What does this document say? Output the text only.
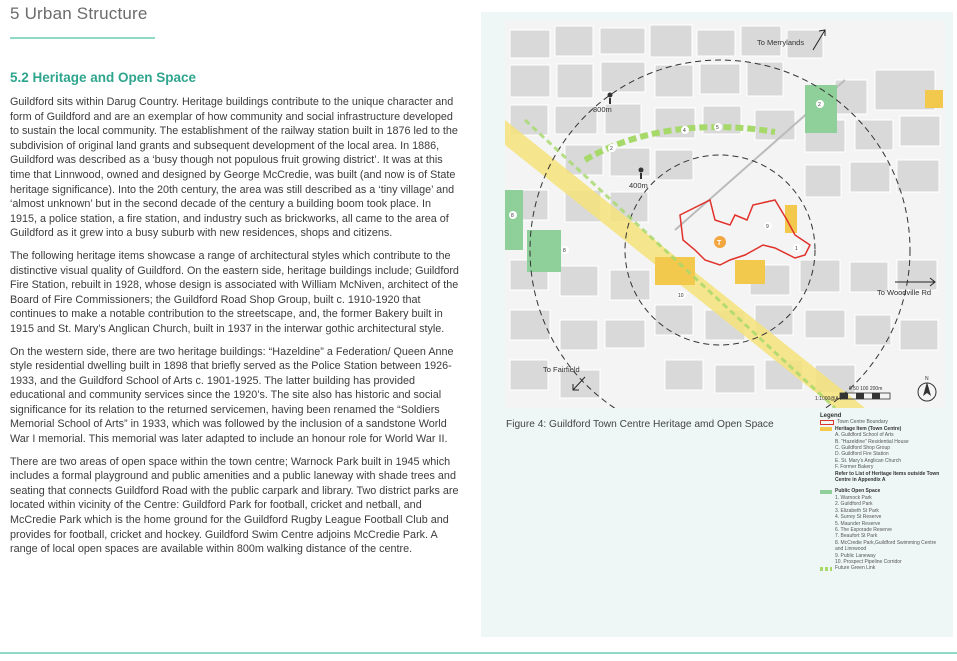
5 Urban Structure
5.2 Heritage and Open Space

Guildford sits within Darug Country. Heritage buildings contribute to the unique character and form of Guildford and are an exemplar of how community and social infrastructure developed to sustain the local community. The establishment of the railway station built in 1876 led to the subdivision of original land grants and subsequent development of the local area. In 1886, Guildford was described as a ‘busy though not populous fruit growing district’. It was at this time that Linnwood, owned and designed by George McCredie, was built (and now is of State heritage significance). Into the 20th century, the area was still described as a ‘tiny village’ and ‘almost unknown’ but in the second decade of the century a building boom took place. In 1915, a police station, a fire station, and industry such as brickworks, all came to the area of Guildford as it grew into a busy suburb with new residences, shops and citizens.

The following heritage items showcase a range of architectural styles which contribute to the distinctive visual quality of Guildford. On the eastern side, heritage buildings include; Guildford Fire Station, rebuilt in 1928, whose design is associated with William McNiven, architect of the Board of Fire Commissioners; the Guildford Road Shop Group, built c. 1910-1920 that continues to make a notable contribution to the streetscape, and, the former Bakery built in 1915 and St. Mary’s Anglican Church, built in 1937 in the interwar gothic architectural style.

On the western side, there are two heritage buildings: “Hazeldine” a Federation/ Queen Anne style residential dwelling built in 1898 that briefly served as the Police Station between 1926-1933, and the Guildford School of Arts c. 1901-1925. The latter building has provided educational and community services since the 1920’s. The site also has historic and social significance for its relation to the returned servicemen, having been renamed the “Soldiers Memorial School of Arts” in 1933, which was followed by the inclusion of a sandstone World War I memorial. This memorial was later adapted to include an honour role for World War II.

There are two areas of open space within the town centre; Warnock Park built in 1945 which includes a formal playground and public amenities and a public laneway with shade trees and seating that connects Guildford Road with the public carpark and library. Two district parks are located within vicinity of the Centre: Guildford Park for football, cricket and netball, and McCredie Park which is the home ground for the Guildford Rugby League Football Club and provides for football, cricket and hockey. Guildford Swim Centre adjoins McCredie Park. A range of local open spaces are available within 800m walking distance of the centre.

T
2
4	5
2
8
8
10
1
9
To Merrylands
To Woodville Rd
To Fairfield
800m
400m
0 50 100 200m
1:1000@A4
N
Figure 4: Guildford Town Centre Heritage amd Open Space
Legend
Town Centre Boundary
Heritage Item (Town Centre)
A. Guildford School of Arts
B. “Hazeldine” Residential House
C. Guildford Shop Group
D. Guildford Fire Station
E. St. Mary’s Anglican Church
F. Former Bakery
Refer to List of Heritage Items outside Town Centre in Appendix A
Public Open Space
1. Warnock Park
2. Guildford Park
3. Elizabeth St Park
4. Surrey St Reserve
5. Maunder Reserve
6. The Esporade Reserve
7. Beaufort St Park
8. McCredie Park,Guildford Swimming Centre and Linnwood
9. Public Laneway
10. Prospect Pipeline Corridor
Future Green Link
